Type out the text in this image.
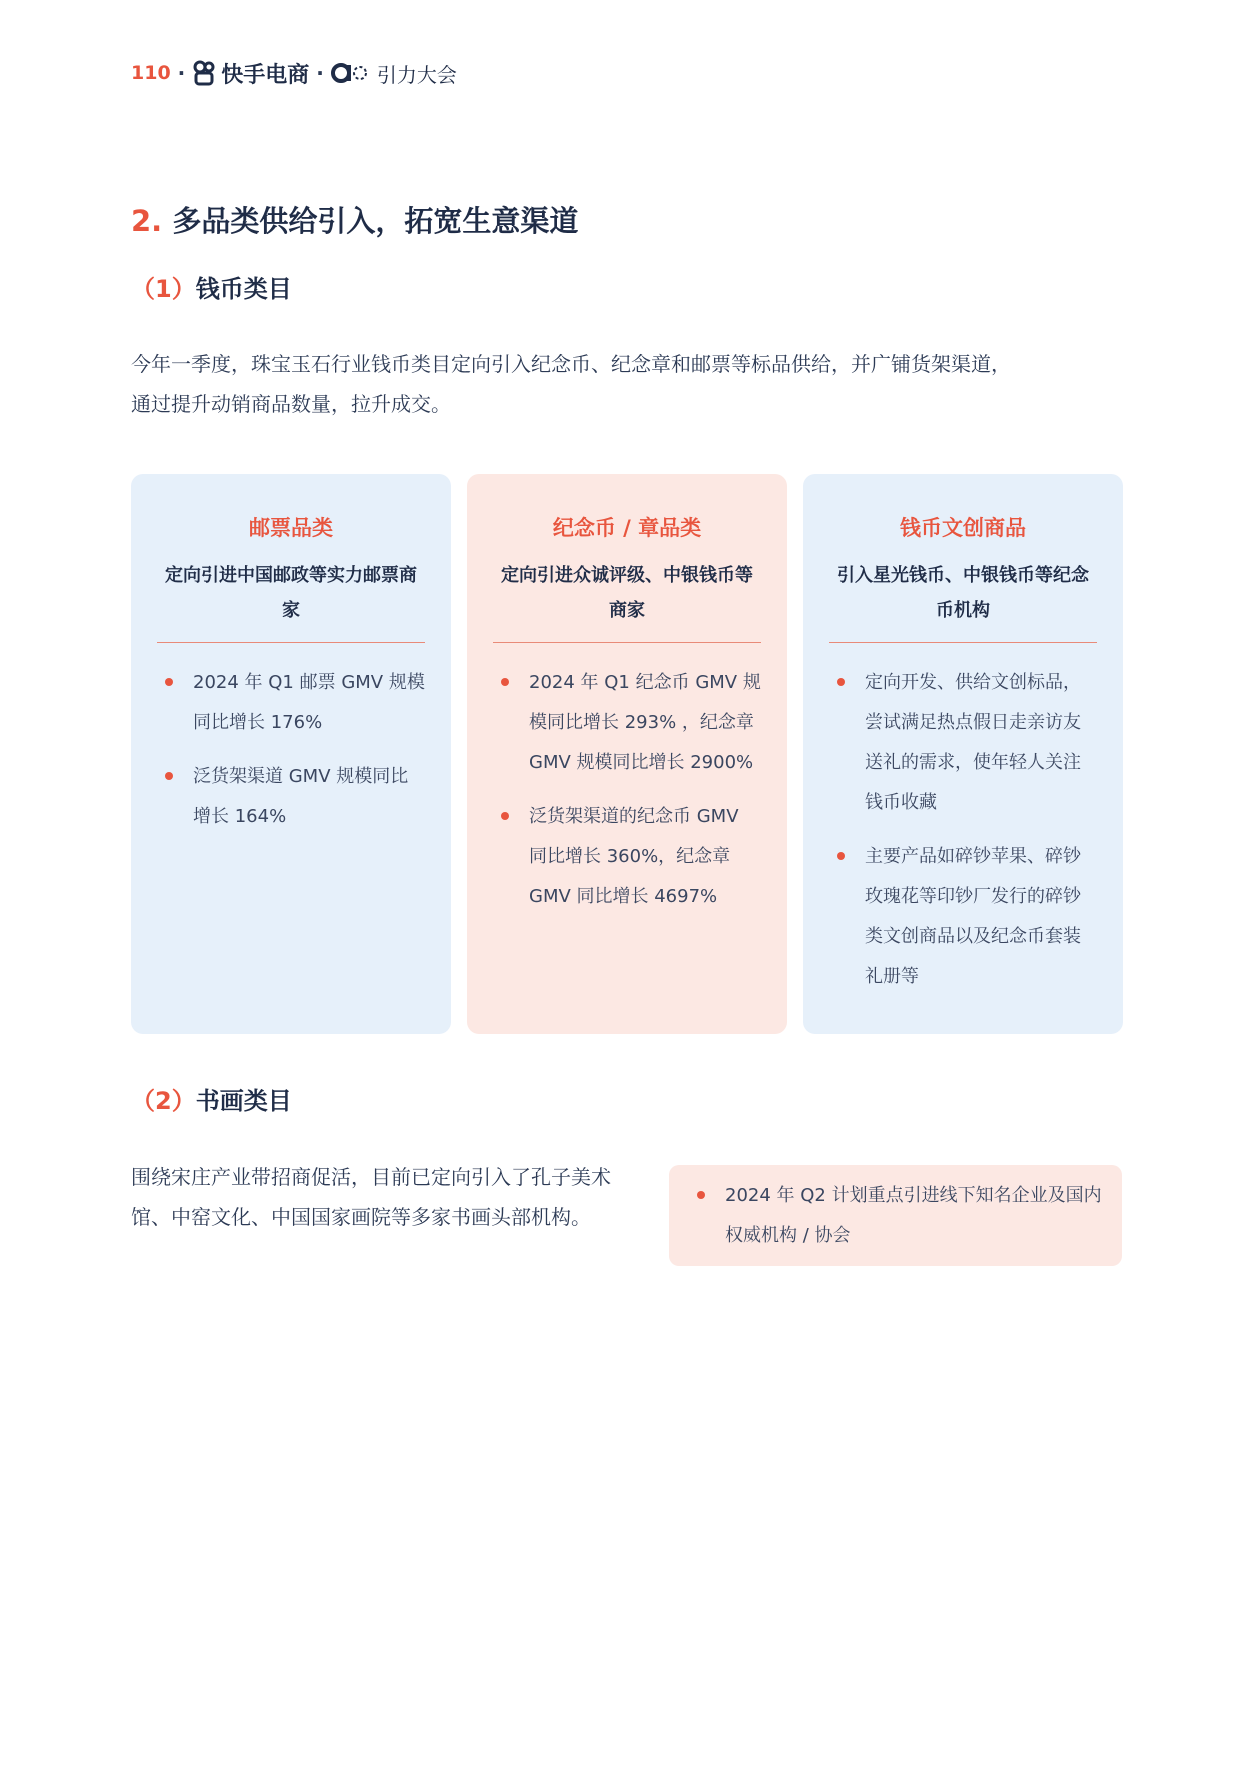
110 · 快手电商 ·	引力大会
2. 多品类供给引入，拓宽生意渠道
（1）钱币类目

今年一季度，珠宝玉石行业钱币类目定向引入纪念币、纪念章和邮票等标品供给，并广铺货架渠道，
通过提升动销商品数量，拉升成交。

邮票品类

定向引进中国邮政等实力邮票商家

2024 年 Q1 邮票 GMV 规模同比增长 176%
泛货架渠道 GMV 规模同比增长 164%

纪念币 / 章品类

定向引进众诚评级、中银钱币等商家

2024 年 Q1 纪念币 GMV 规模同比增长 293% ，纪念章 GMV 规模同比增长 2900%
泛货架渠道的纪念币 GMV 同比增长 360%，纪念章 GMV 同比增长 4697%

钱币文创商品

引入星光钱币、中银钱币等纪念币机构

定向开发、供给文创标品，尝试满足热点假日走亲访友送礼的需求，使年轻人关注钱币收藏
主要产品如碎钞苹果、碎钞玫瑰花等印钞厂发行的碎钞类文创商品以及纪念币套装礼册等
（2）书画类目

围绕宋庄产业带招商促活，目前已定向引入了孔子美术馆、中窑文化、中国国家画院等多家书画头部机构。

2024 年 Q2 计划重点引进线下知名企业及国内权威机构 / 协会
